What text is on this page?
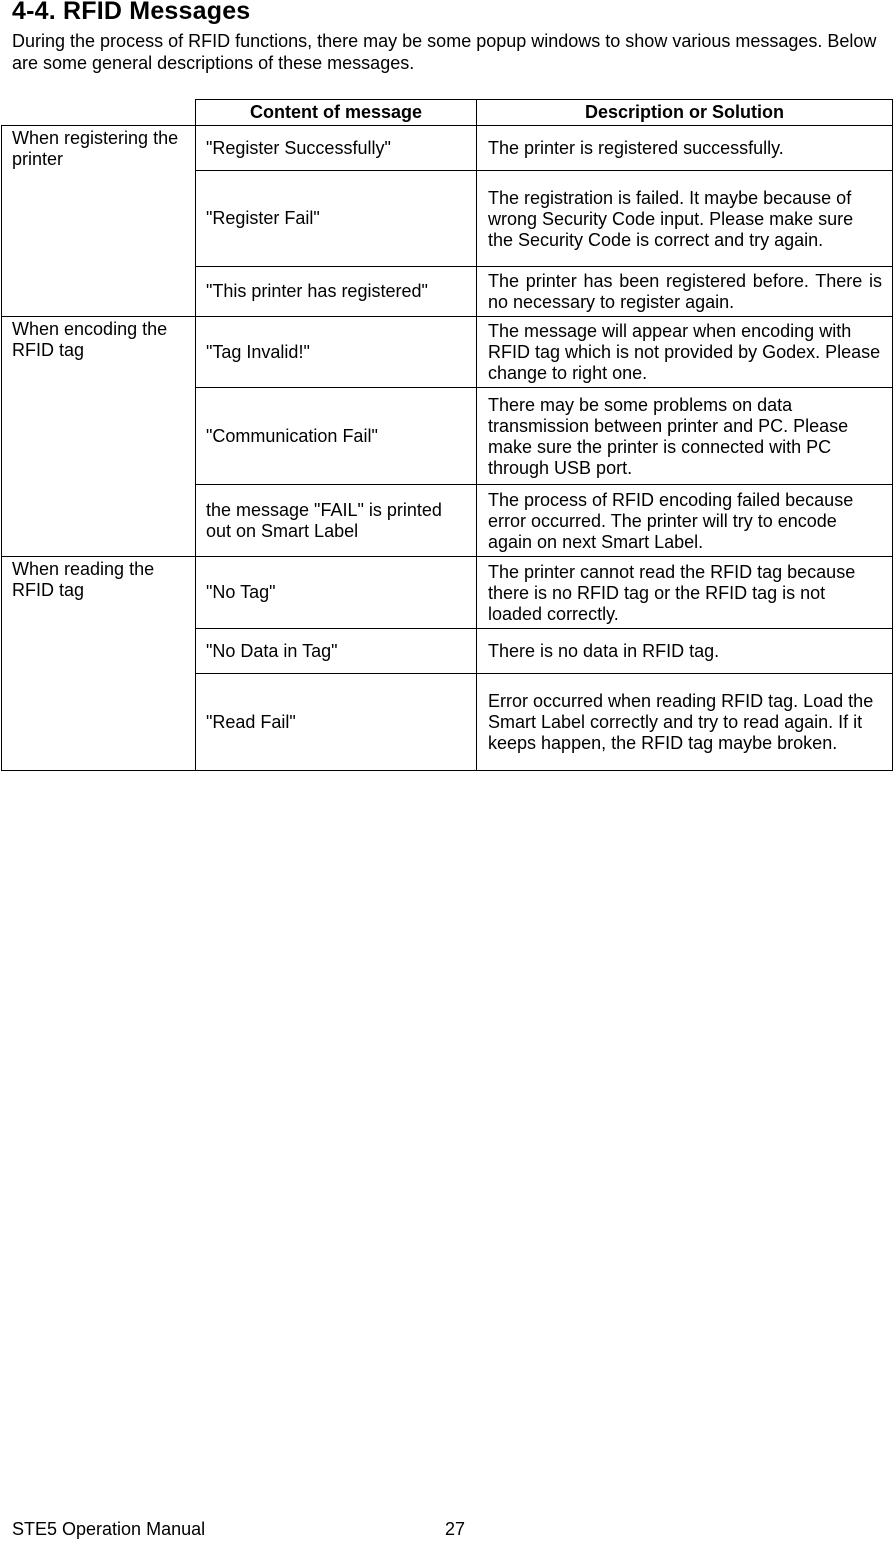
4-4. RFID Messages

During the process of RFID functions, there may be some popup windows to show various messages. Below are some general descriptions of these messages.

	Content of message	Description or Solution
When registering the printer	"Register Successfully"	The printer is registered successfully.
	"Register Fail"	The registration is failed. It maybe because of wrong Security Code input. Please make sure the Security Code is correct and try again.
	"This printer has registered"	The printer has been registered before. There is no necessary to register again.
When encoding the RFID tag	"Tag Invalid!"	The message will appear when encoding with RFID tag which is not provided by Godex. Please change to right one.
	"Communication Fail"	There may be some problems on data transmission between printer and PC. Please make sure the printer is connected with PC through USB port.
	the message "FAIL" is printed out on Smart Label	The process of RFID encoding failed because error occurred. The printer will try to encode again on next Smart Label.
When reading the RFID tag	"No Tag"	The printer cannot read the RFID tag because there is no RFID tag or the RFID tag is not loaded correctly.
	"No Data in Tag"	There is no data in RFID tag.
	"Read Fail"	Error occurred when reading RFID tag. Load the Smart Label correctly and try to read again. If it keeps happen, the RFID tag maybe broken.

STE5 Operation Manual	27
